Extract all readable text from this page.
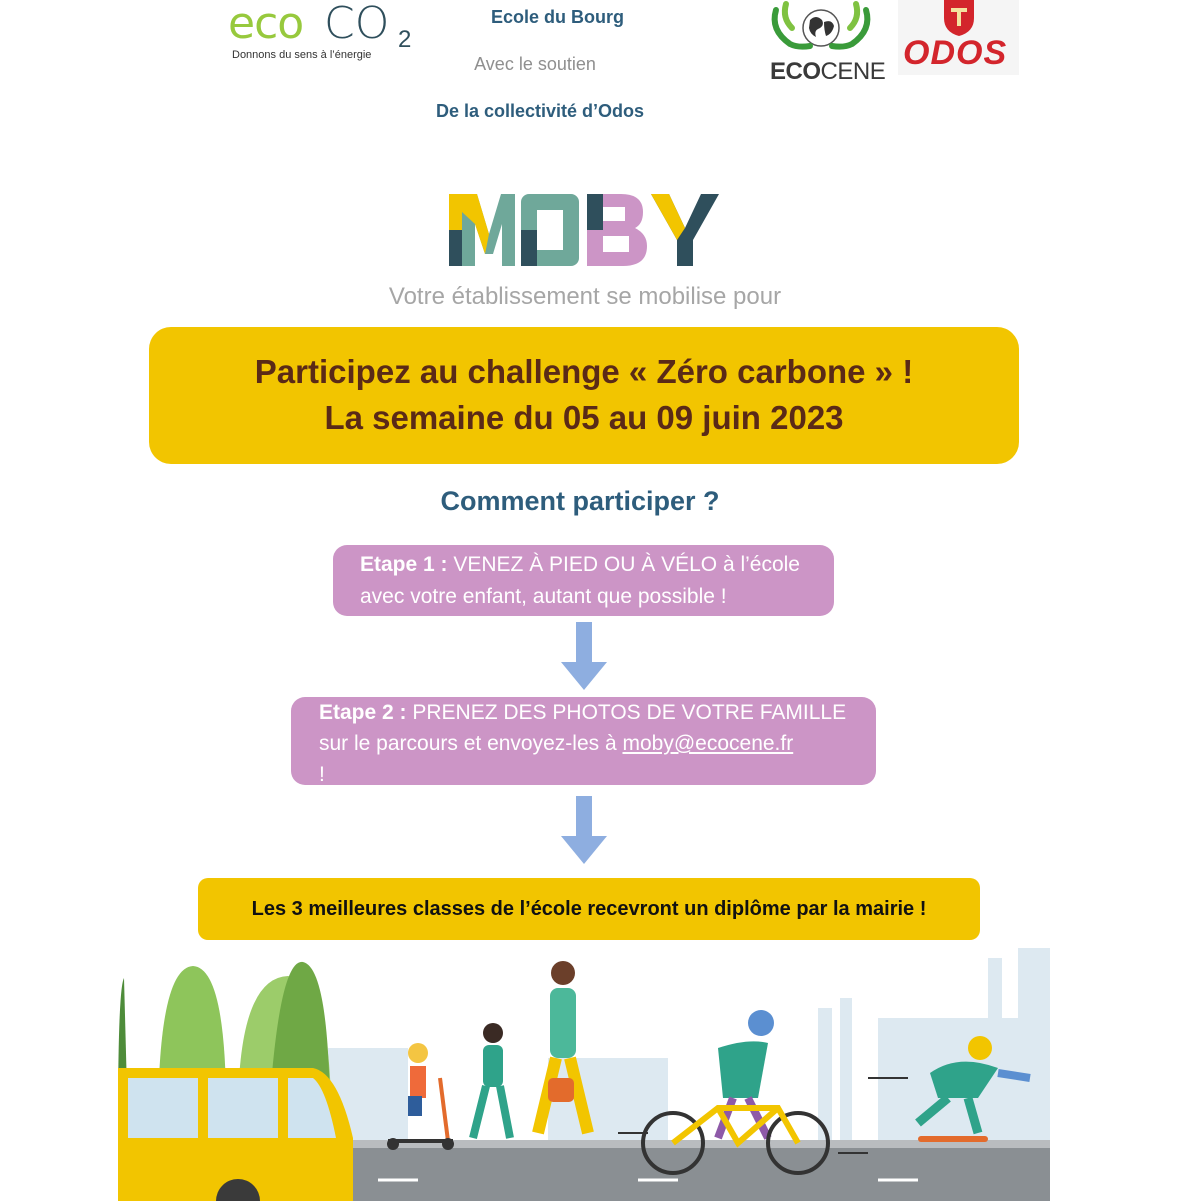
eco CO 2
Donnons du sens à l’énergie
Ecole du Bourg
Avec le soutien
De la collectivité d’Odos
ECOCENE ODOS
Votre établissement se mobilise pour
Participez au challenge « Zéro carbone » !
La semaine du 05 au 09 juin 2023
Comment participer ?
Etape 1 : VENEZ À PIED OU À VÉLO à l’école avec votre enfant, autant que possible !
Etape 2 : PRENEZ DES PHOTOS DE VOTRE FAMILLE sur le parcours et envoyez-les à moby@ecocene.fr
!
Les 3 meilleures classes de l’école recevront un diplôme par la mairie !
